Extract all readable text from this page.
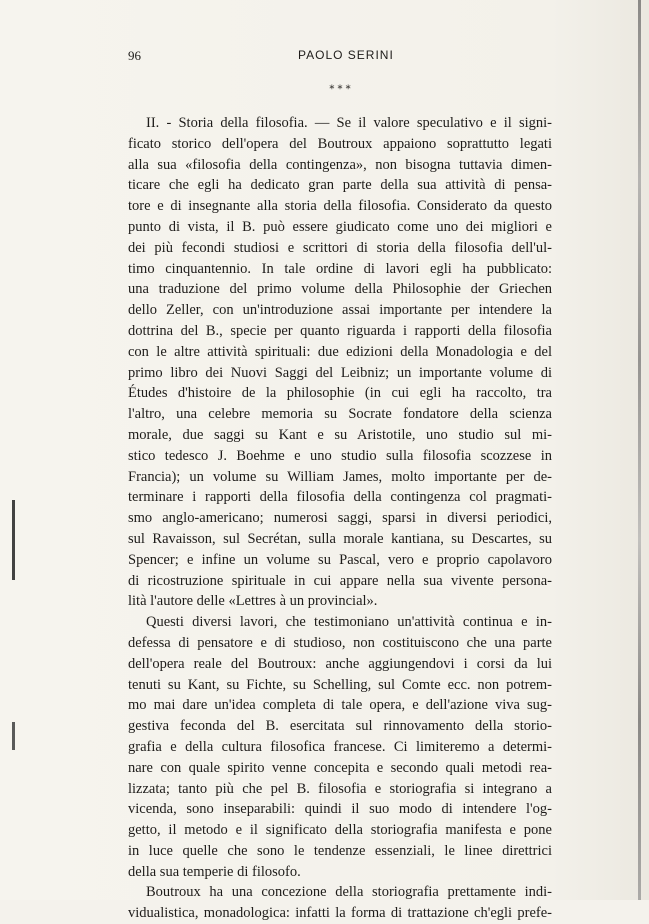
96	PAOLO SERINI
* * *
II. - Storia della filosofia. — Se il valore speculativo e il signi-
ficato storico dell'opera del Boutroux appaiono soprattutto legati
alla sua «filosofia della contingenza», non bisogna tuttavia dimen-
ticare che egli ha dedicato gran parte della sua attività di pensa-
tore e di insegnante alla storia della filosofia. Considerato da questo
punto di vista, il B. può essere giudicato come uno dei migliori e
dei più fecondi studiosi e scrittori di storia della filosofia dell'ul-
timo cinquantennio. In tale ordine di lavori egli ha pubblicato:
una traduzione del primo volume della Philosophie der Griechen
dello Zeller, con un'introduzione assai importante per intendere la
dottrina del B., specie per quanto riguarda i rapporti della filosofia
con le altre attività spirituali: due edizioni della Monadologia e del
primo libro dei Nuovi Saggi del Leibniz; un importante volume di
Études d'histoire de la philosophie (in cui egli ha raccolto, tra
l'altro, una celebre memoria su Socrate fondatore della scienza
morale, due saggi su Kant e su Aristotile, uno studio sul mi-
stico tedesco J. Boehme e uno studio sulla filosofia scozzese in
Francia); un volume su William James, molto importante per de-
terminare i rapporti della filosofia della contingenza col pragmati-
smo anglo-americano; numerosi saggi, sparsi in diversi periodici,
sul Ravaisson, sul Secrétan, sulla morale kantiana, su Descartes, su
Spencer; e infine un volume su Pascal, vero e proprio capolavoro
di ricostruzione spirituale in cui appare nella sua vivente persona-
lità l'autore delle «Lettres à un provincial».
Questi diversi lavori, che testimoniano un'attività continua e in-
defessa di pensatore e di studioso, non costituiscono che una parte
dell'opera reale del Boutroux: anche aggiungendovi i corsi da lui
tenuti su Kant, su Fichte, su Schelling, sul Comte ecc. non potrem-
mo mai dare un'idea completa di tale opera, e dell'azione viva sug-
gestiva feconda del B. esercitata sul rinnovamento della storio-
grafia e della cultura filosofica francese. Ci limiteremo a determi-
nare con quale spirito venne concepita e secondo quali metodi rea-
lizzata; tanto più che pel B. filosofia e storiografia si integrano a
vicenda, sono inseparabili: quindi il suo modo di intendere l'og-
getto, il metodo e il significato della storiografia manifesta e pone
in luce quelle che sono le tendenze essenziali, le linee direttrici
della sua temperie di filosofo.
Boutroux ha una concezione della storiografia prettamente indi-
vidualistica, monadologica: infatti la forma di trattazione ch'egli prefe-
